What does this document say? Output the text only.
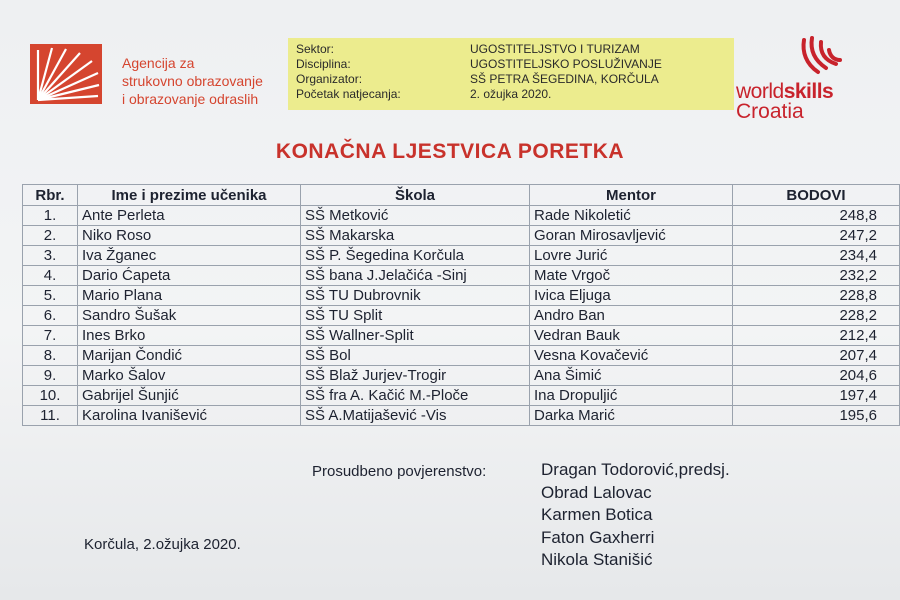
Agencija za
strukovno obrazovanje
i obrazovanje odraslih
Sektor:	UGOSTITELJSTVO I TURIZAM
Disciplina:	UGOSTITELJSKO POSLUŽIVANJE
Organizator:	SŠ PETRA ŠEGEDINA, KORČULA
Početak natjecanja:	2. ožujka 2020.	worldskills
Croatia
KONAČNA LJESTVICA PORETKA
Rbr.	Ime i prezime učenika	Škola	Mentor	BODOVI
1.	Ante Perleta	SŠ Metković	Rade Nikoletić	248,8
2.	Niko Roso	SŠ Makarska	Goran Mirosavljević	247,2
3.	Iva Žganec	SŠ P. Šegedina Korčula	Lovre Jurić	234,4
4.	Dario Ćapeta	SŠ bana J.Jelačića -Sinj	Mate Vrgoč	232,2
5.	Mario Plana	SŠ TU Dubrovnik	Ivica Eljuga	228,8
6.	Sandro Šušak	SŠ TU Split	Andro Ban	228,2
7.	Ines Brko	SŠ Wallner-Split	Vedran Bauk	212,4
8.	Marijan Čondić	SŠ Bol	Vesna Kovačević	207,4
9.	Marko Šalov	SŠ Blaž Jurjev-Trogir	Ana Šimić	204,6
10.	Gabrijel Šunjić	SŠ fra A. Kačić M.-Ploče	Ina Dropuljić	197,4
11.	Karolina Ivanišević	SŠ A.Matijašević -Vis	Darka Marić	195,6
Prosudbeno povjerenstvo:	Dragan Todorović,predsj.
Obrad Lalovac
Karmen Botica
Faton Gaxherri
Nikola Stanišić
Korčula, 2.ožujka 2020.
